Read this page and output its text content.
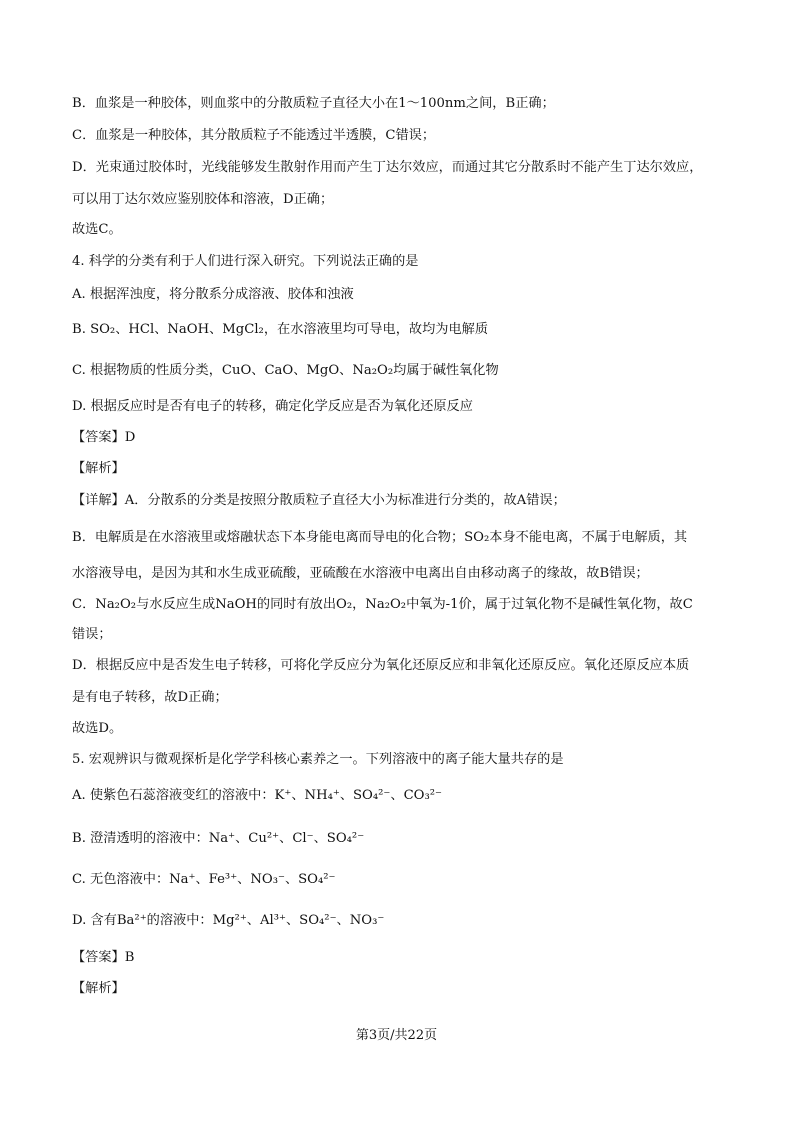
B．血浆是一种胶体，则血浆中的分散质粒子直径大小在1～100nm之间，B正确；
C．血浆是一种胶体，其分散质粒子不能透过半透膜，C错误；
D．光束通过胶体时，光线能够发生散射作用而产生丁达尔效应，而通过其它分散系时不能产生丁达尔效应，
可以用丁达尔效应鉴别胶体和溶液，D正确；
故选C。
4. 科学的分类有利于人们进行深入研究。下列说法正确的是
A. 根据浑浊度，将分散系分成溶液、胶体和浊液
B. SO₂、HCl、NaOH、MgCl₂，在水溶液里均可导电，故均为电解质
C. 根据物质的性质分类，CuO、CaO、MgO、Na₂O₂均属于碱性氧化物
D. 根据反应时是否有电子的转移，确定化学反应是否为氧化还原反应
【答案】D
【解析】
【详解】A．分散系的分类是按照分散质粒子直径大小为标准进行分类的，故A错误；
B．电解质是在水溶液里或熔融状态下本身能电离而导电的化合物；SO₂本身不能电离，不属于电解质，其
水溶液导电，是因为其和水生成亚硫酸，亚硫酸在水溶液中电离出自由移动离子的缘故，故B错误；
C．Na₂O₂与水反应生成NaOH的同时有放出O₂，Na₂O₂中氧为-1价，属于过氧化物不是碱性氧化物，故C
错误；
D．根据反应中是否发生电子转移，可将化学反应分为氧化还原反应和非氧化还原反应。氧化还原反应本质
是有电子转移，故D正确；
故选D。
5. 宏观辨识与微观探析是化学学科核心素养之一。下列溶液中的离子能大量共存的是
A. 使紫色石蕊溶液变红的溶液中：K⁺、NH₄⁺、SO₄²⁻、CO₃²⁻
B. 澄清透明的溶液中：Na⁺、Cu²⁺、Cl⁻、SO₄²⁻
C. 无色溶液中：Na⁺、Fe³⁺、NO₃⁻、SO₄²⁻
D. 含有Ba²⁺的溶液中：Mg²⁺、Al³⁺、SO₄²⁻、NO₃⁻
【答案】B
【解析】
第3页/共22页
